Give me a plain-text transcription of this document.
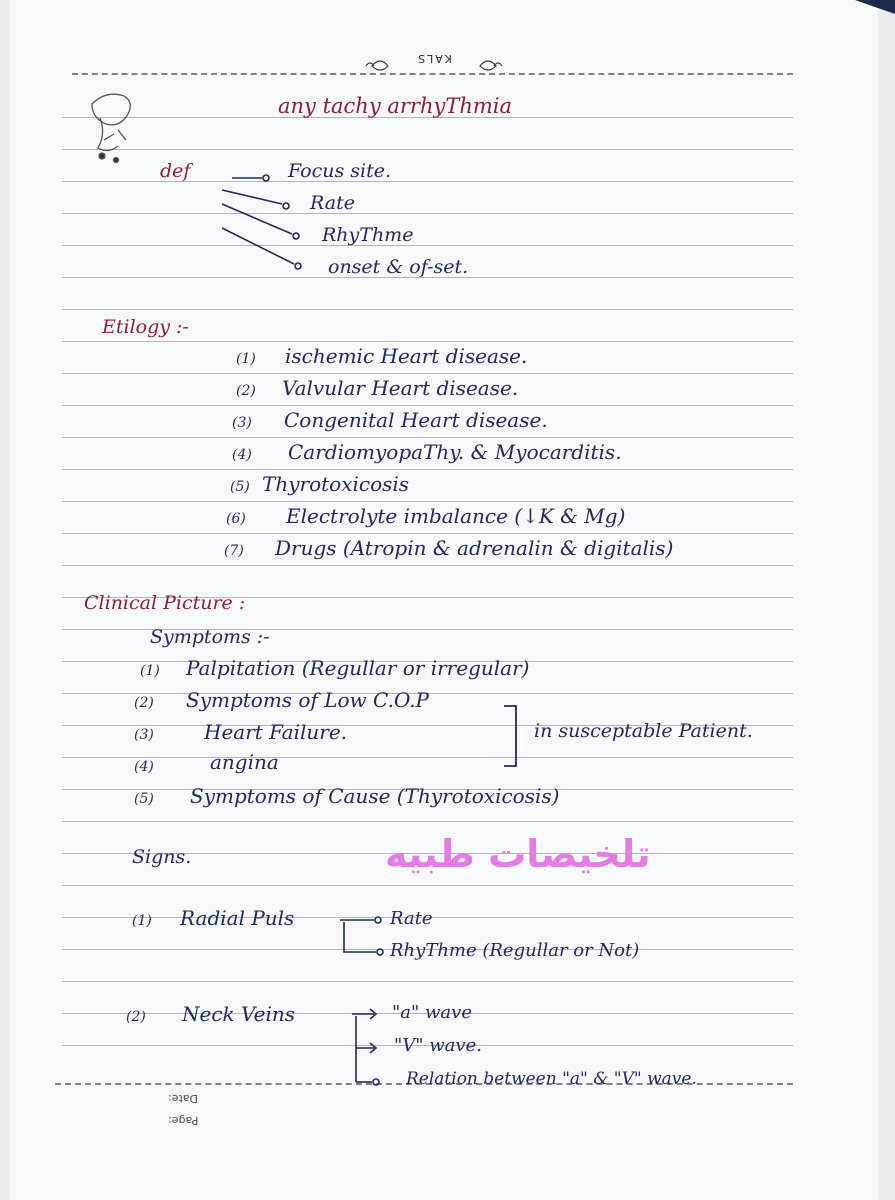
KALS
Date:
Page:
any tachy arrhyThmia
def	Focus site.
Rate
RhyThme
onset & of-set.
Etilogy :-
(1) ischemic Heart disease.
(2) Valvular Heart disease.
(3) Congenital Heart disease.
(4) CardiomyopaThy. & Myocarditis.
(5) Thyrotoxicosis
(6) Electrolyte imbalance (↓K & Mg)
(7) Drugs (Atropin & adrenalin & digitalis)
Clinical Picture :
Symptoms :-
(1) Palpitation (Regullar or irregular)
(2) Symptoms of Low C.O.P
(3)	Heart Failure.
(4)	angina
(5) Symptoms of Cause (Thyrotoxicosis)
in susceptable Patient.
Signs.
(1) Radial Puls	Rate
RhyThme (Regullar or Not)
(2) Neck Veins	"a" wave
"V" wave.
Relation between "a" & "V" wave.
تلخيصات طبيه
